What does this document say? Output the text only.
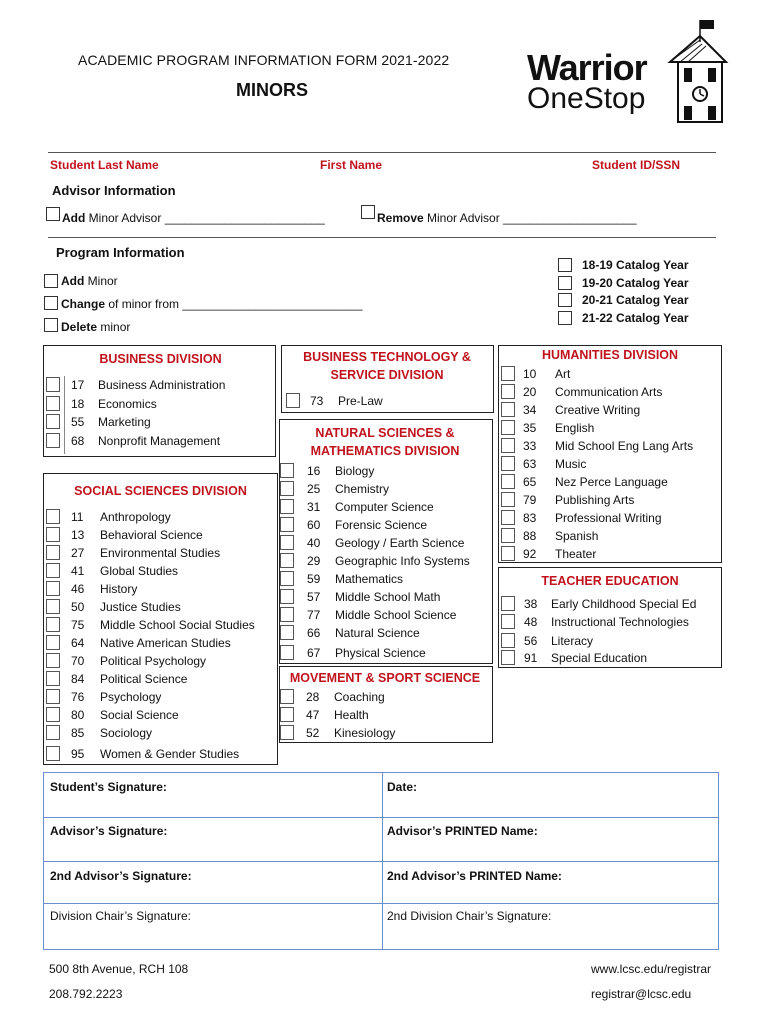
ACADEMIC PROGRAM INFORMATION FORM 2021-2022
MINORS
Warrior
OneStop
Student Last Name	First Name	Student ID/SSN
Advisor Information
Add Minor Advisor ________________________	Remove Minor Advisor ____________________
Program Information
Add Minor
Change of minor from ___________________________
Delete minor
18-19 Catalog Year
19-20 Catalog Year
20-21 Catalog Year
21-22 Catalog Year
BUSINESS DIVISION
17 Business Administration
18 Economics
55 Marketing
68 Nonprofit Management
SOCIAL SCIENCES DIVISION
11 Anthropology
13 Behavioral Science
27 Environmental Studies
41 Global Studies
46 History
50 Justice Studies
75 Middle School Social Studies
64 Native American Studies
70 Political Psychology
84 Political Science
76 Psychology
80 Social Science
85 Sociology
95 Women & Gender Studies
BUSINESS TECHNOLOGY &
SERVICE DIVISION
73 Pre-Law
NATURAL SCIENCES &
MATHEMATICS DIVISION
16 Biology
25 Chemistry
31 Computer Science
60 Forensic Science
40 Geology / Earth Science
29 Geographic Info Systems
59 Mathematics
57 Middle School Math
77 Middle School Science
66 Natural Science
67 Physical Science
MOVEMENT & SPORT SCIENCE
28 Coaching
47 Health
52 Kinesiology
HUMANITIES DIVISION
10 Art
20 Communication Arts
34 Creative Writing
35 English
33 Mid School Eng Lang Arts
63 Music
65 Nez Perce Language
79 Publishing Arts
83 Professional Writing
88 Spanish
92 Theater
TEACHER EDUCATION
38 Early Childhood Special Ed
48 Instructional Technologies
56 Literacy
91 Special Education
Student’s Signature:	Date:
Advisor’s Signature:	Advisor’s PRINTED Name:
2nd Advisor’s Signature:	2nd Advisor’s PRINTED Name:
Division Chair’s Signature:	2nd Division Chair’s Signature:
500 8th Avenue, RCH 108
208.792.2223
www.lcsc.edu/registrar
registrar@lcsc.edu
